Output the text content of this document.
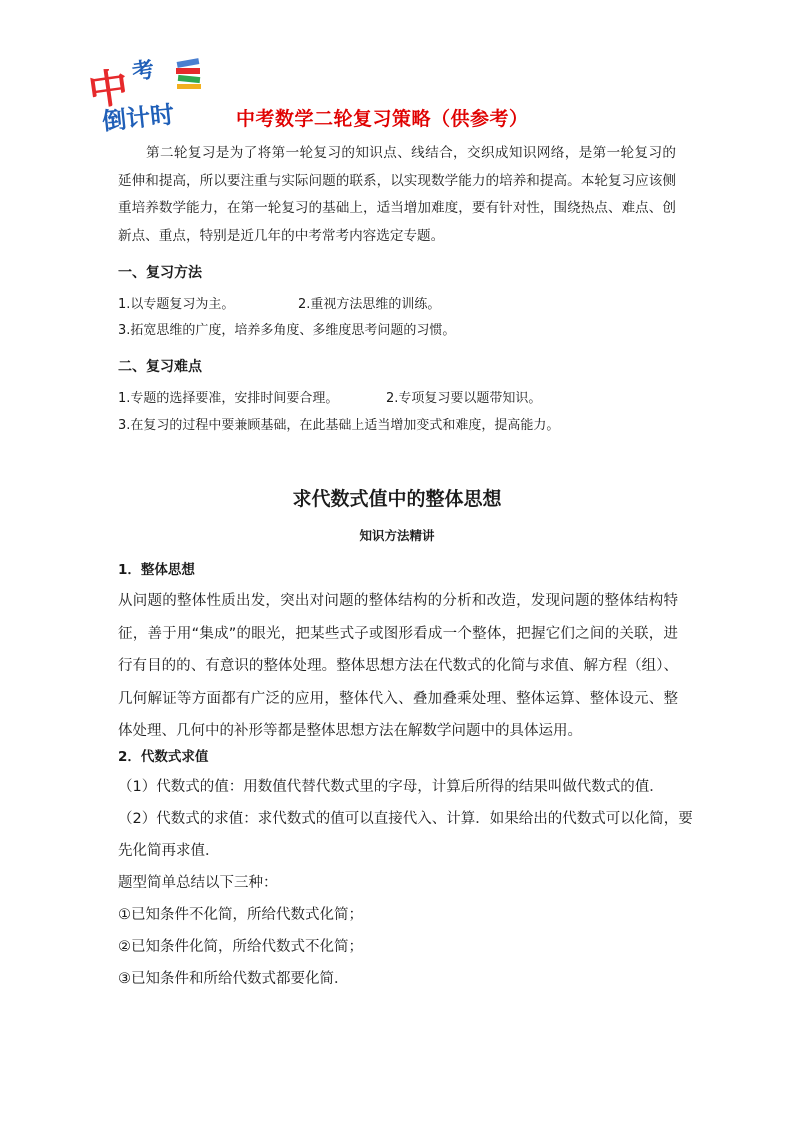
中 考
倒计时	中考数学二轮复习策略（供参考）

第二轮复习是为了将第一轮复习的知识点、线结合，交织成知识网络，是第一轮复习的延伸和提高，所以要注重与实际问题的联系，以实现数学能力的培养和提高。本轮复习应该侧重培养数学能力，在第一轮复习的基础上，适当增加难度，要有针对性，围绕热点、难点、创新点、重点，特别是近几年的中考常考内容选定专题。

一、复习方法
1.以专题复习为主。	2.重视方法思维的训练。
3.拓宽思维的广度，培养多角度、多维度思考问题的习惯。
二、复习难点
1.专题的选择要准，安排时间要合理。	2.专项复习要以题带知识。
3.在复习的过程中要兼顾基础，在此基础上适当增加变式和难度，提高能力。
求代数式值中的整体思想
知识方法精讲
1．整体思想

从问题的整体性质出发，突出对问题的整体结构的分析和改造，发现问题的整体结构特征，善于用“集成”的眼光，把某些式子或图形看成一个整体，把握它们之间的关联，进行有目的的、有意识的整体处理。整体思想方法在代数式的化简与求值、解方程（组）、几何解证等方面都有广泛的应用，整体代入、叠加叠乘处理、整体运算、整体设元、整体处理、几何中的补形等都是整体思想方法在解数学问题中的具体运用。

2．代数式求值
（1）代数式的值：用数值代替代数式里的字母，计算后所得的结果叫做代数式的值．
（2）代数式的求值：求代数式的值可以直接代入、计算．如果给出的代数式可以化简，要
先化简再求值．
题型简单总结以下三种：
①已知条件不化简，所给代数式化简；
②已知条件化简，所给代数式不化简；
③已知条件和所给代数式都要化简．
